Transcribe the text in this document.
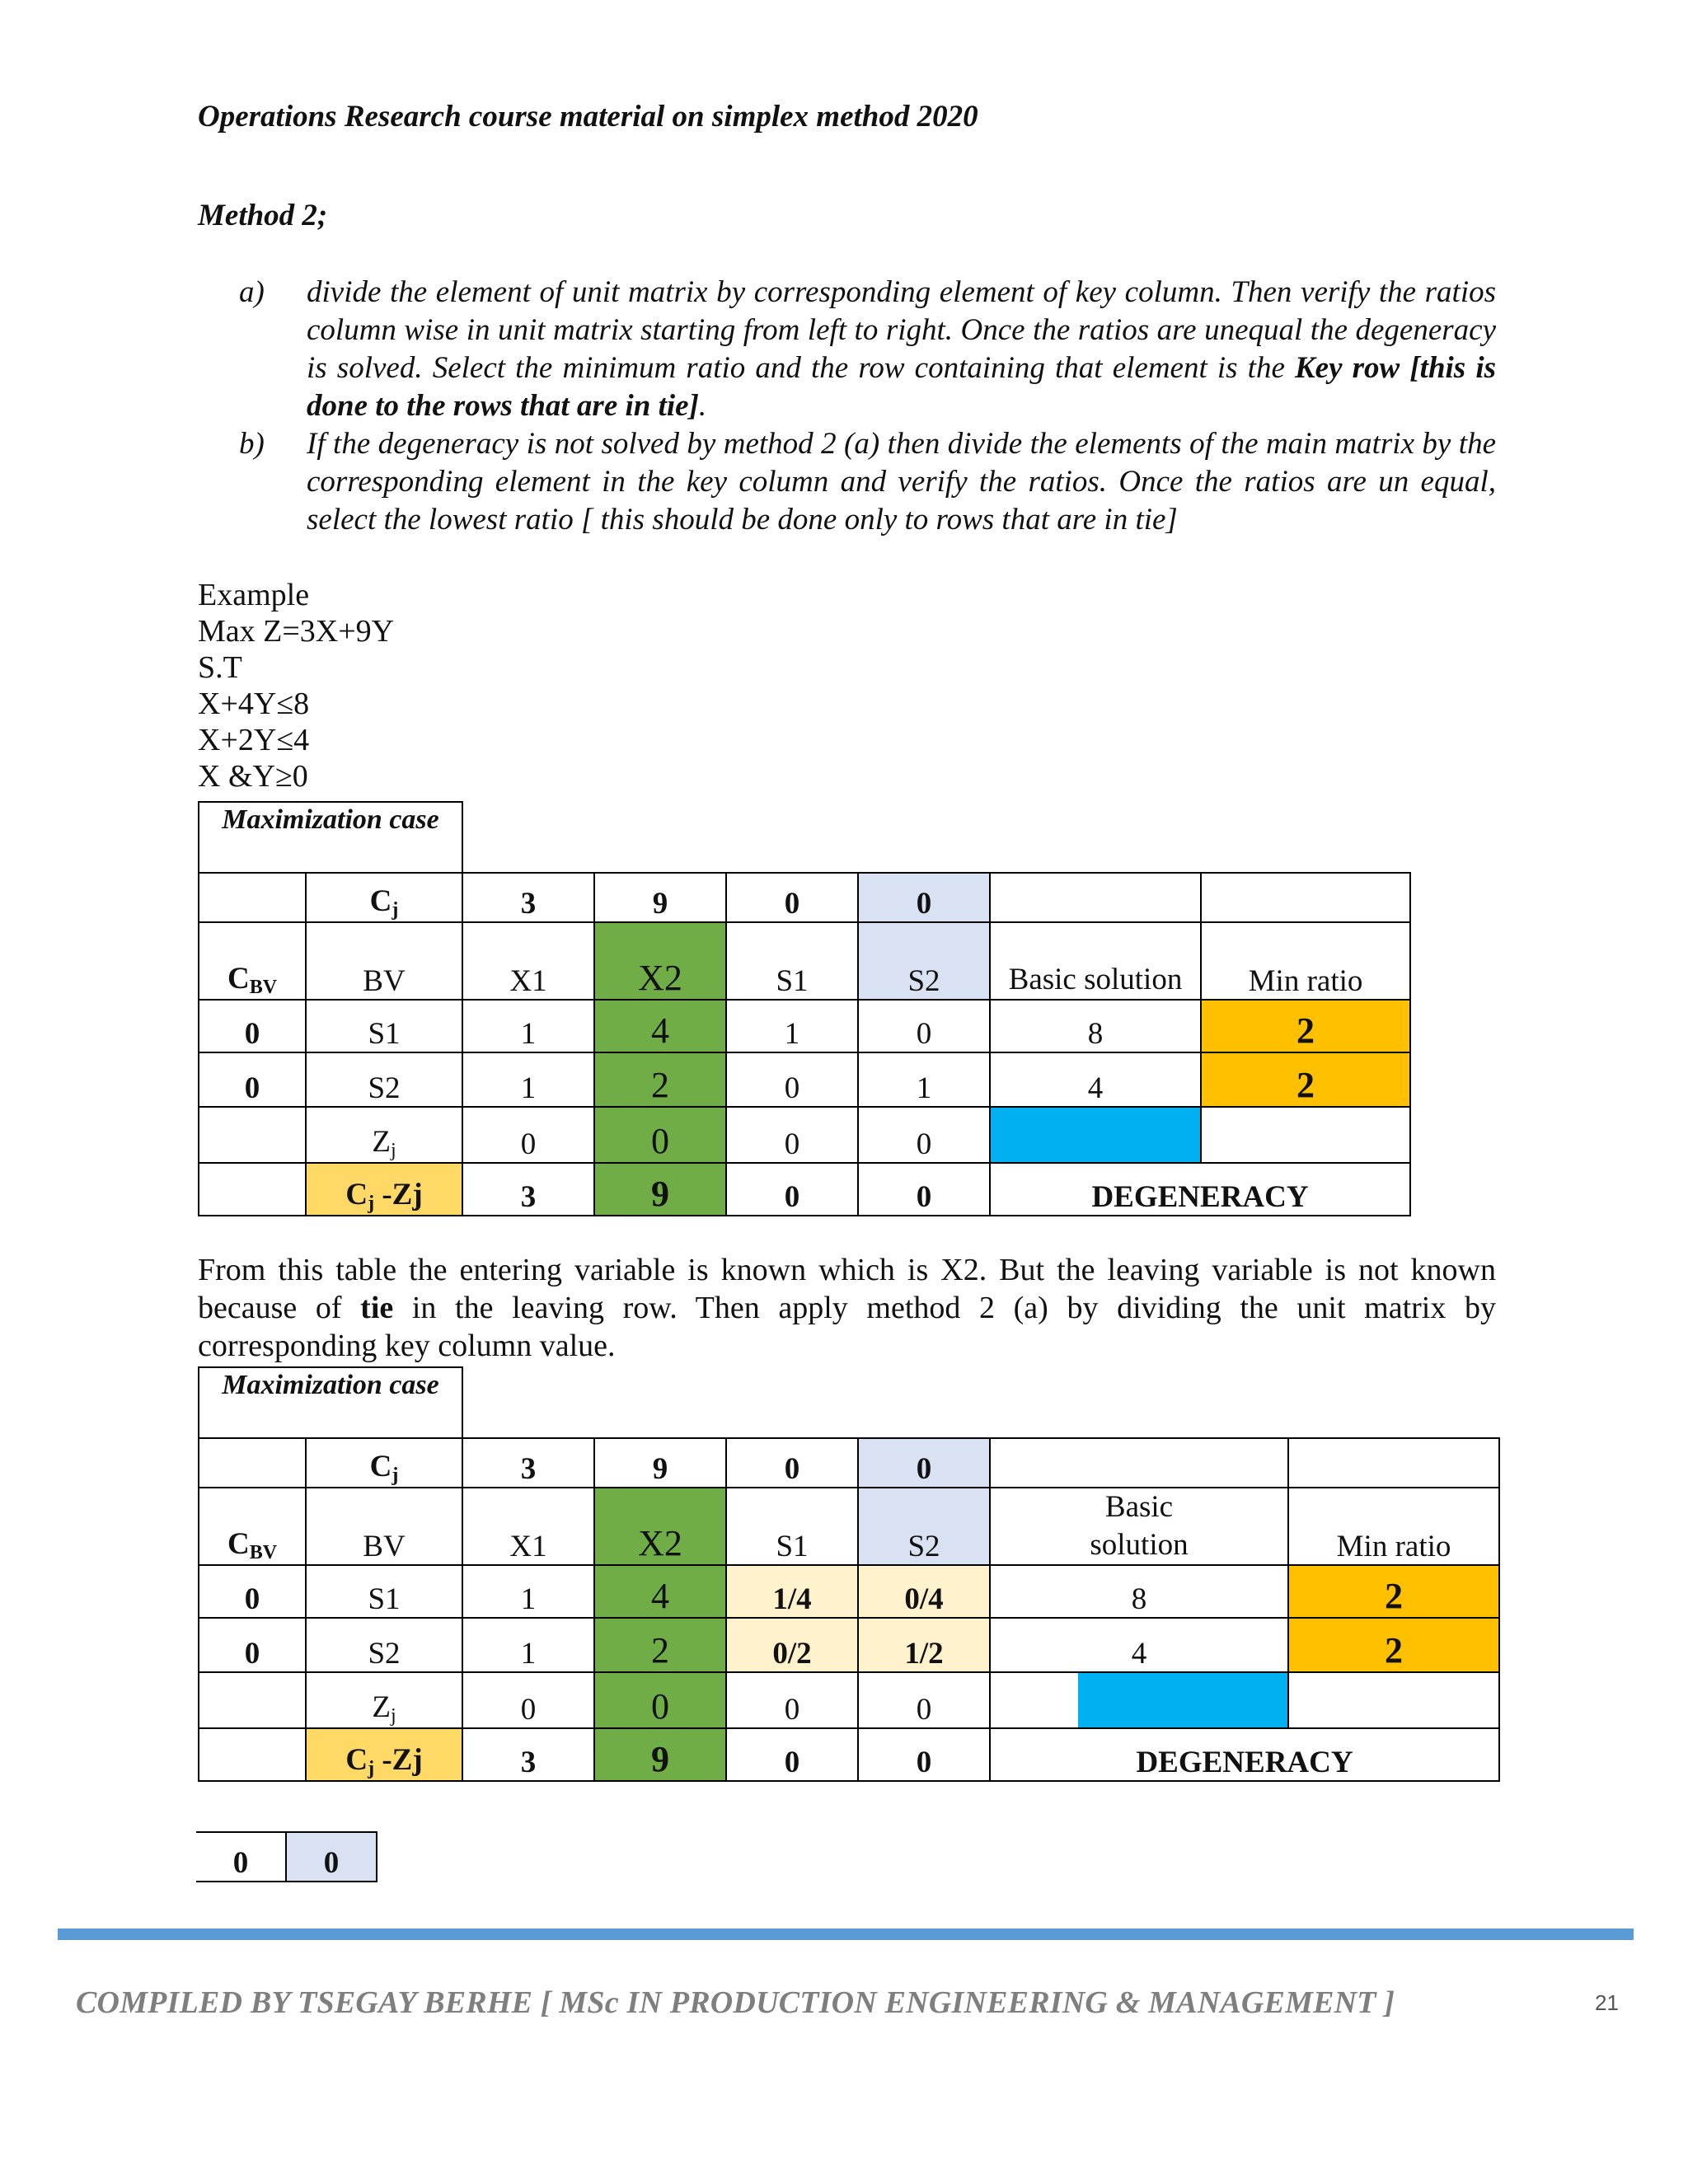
Operations Research course material on simplex method 2020
Method 2;
a) divide the element of unit matrix by corresponding element of key column. Then verify the ratios column wise in unit matrix starting from left to right. Once the ratios are unequal the degeneracy is solved. Select the minimum ratio and the row containing that element is the Key row [this is done to the rows that are in tie].
b) If the degeneracy is not solved by method 2 (a) then divide the elements of the main matrix by the corresponding element in the key column and verify the ratios. Once the ratios are un equal, select the lowest ratio [ this should be done only to rows that are in tie]
Example
Max Z=3X+9Y
S.T
X+4Y≤8
X+2Y≤4
X &Y≥0
Maximization case							
	Cj	3	9	0	0		
CBV	BV	X1	X2	S1	S2	Basic solution	Min ratio
0	S1	1	4	1	0	8	2
0	S2	1	2	0	1	4	2
	$Z_j$	0	0	0	0		
	Cj -Zj	3	9	0	0	DEGENERACY	
From this table the entering variable is known which is X2. But the leaving variable is not known because of tie in the leaving row. Then apply method 2 (a) by dividing the unit matrix by corresponding key column value.
Maximization case							
	Cj	3	9	0	0		
CBV	BV	X1	X2	S1	S2	Basic solution	Min ratio
0	S1	1	4	1/4	0/4	8	2
0	S2	1	2	0/2	1/2	4	2
	$Z_j$	0	0	0	0	

	Cj -Zj	3	9	0	0	DEGENERACY	
0	0
COMPILED BY TSEGAY BERHE [ MSc IN PRODUCTION ENGINEERING & MANAGEMENT ]	21
